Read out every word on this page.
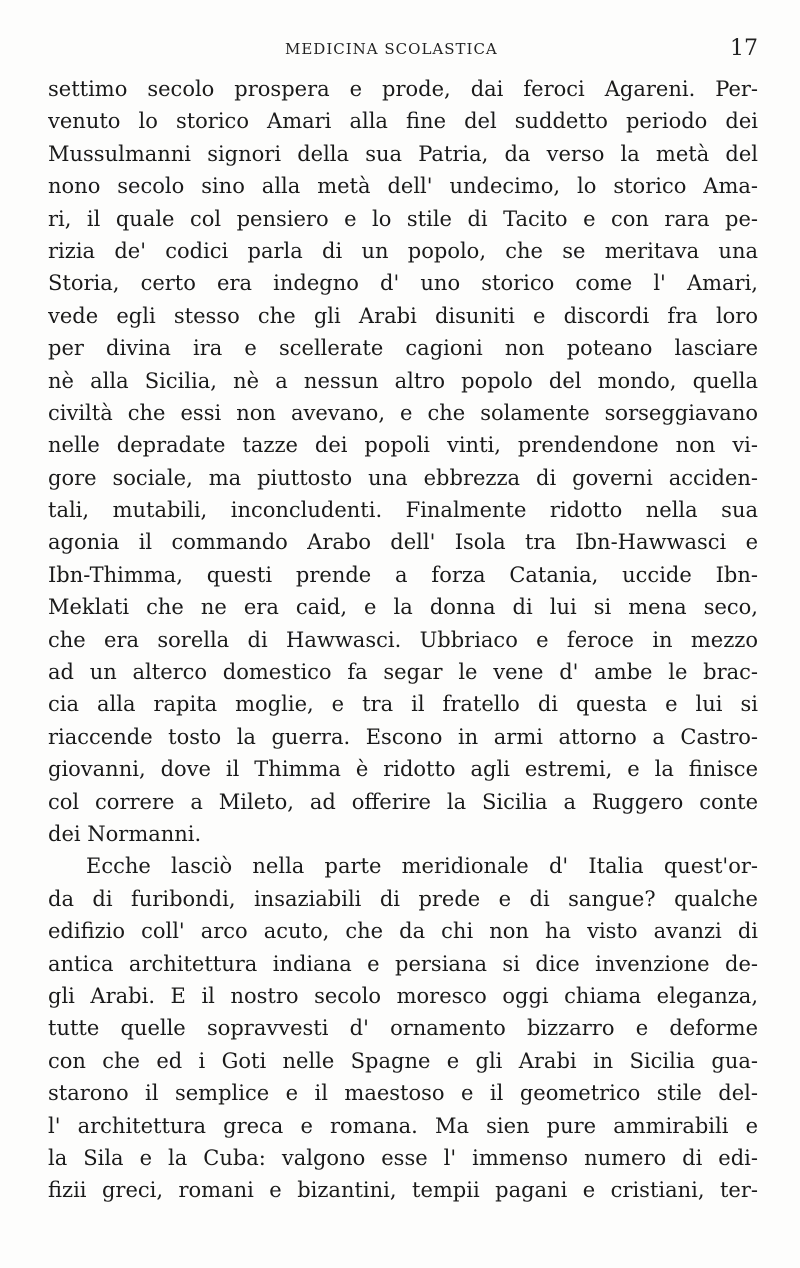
MEDICINA SCOLASTICA	17
settimo secolo prospera e prode, dai feroci Agareni. Per-
venuto lo storico Amari alla fine del suddetto periodo dei
Mussulmanni signori della sua Patria, da verso la metà del
nono secolo sino alla metà dell' undecimo, lo storico Ama-
ri, il quale col pensiero e lo stile di Tacito e con rara pe-
rizia de' codici parla di un popolo, che se meritava una
Storia, certo era indegno d' uno storico come l' Amari,
vede egli stesso che gli Arabi disuniti e discordi fra loro
per divina ira e scellerate cagioni non poteano lasciare
nè alla Sicilia, nè a nessun altro popolo del mondo, quella
civiltà che essi non avevano, e che solamente sorseggiavano
nelle depradate tazze dei popoli vinti, prendendone non vi-
gore sociale, ma piuttosto una ebbrezza di governi acciden-
tali, mutabili, inconcludenti. Finalmente ridotto nella sua
agonia il commando Arabo dell' Isola tra Ibn-Hawwasci e
Ibn-Thimma, questi prende a forza Catania, uccide Ibn-
Meklati che ne era caid, e la donna di lui si mena seco,
che era sorella di Hawwasci. Ubbriaco e feroce in mezzo
ad un alterco domestico fa segar le vene d' ambe le brac-
cia alla rapita moglie, e tra il fratello di questa e lui si
riaccende tosto la guerra. Escono in armi attorno a Castro-
giovanni, dove il Thimma è ridotto agli estremi, e la finisce
col correre a Mileto, ad offerire la Sicilia a Ruggero conte
dei Normanni.
Ecche lasciò nella parte meridionale d' Italia quest'or-
da di furibondi, insaziabili di prede e di sangue? qualche
edifizio coll' arco acuto, che da chi non ha visto avanzi di
antica architettura indiana e persiana si dice invenzione de-
gli Arabi. E il nostro secolo moresco oggi chiama eleganza,
tutte quelle sopravvesti d' ornamento bizzarro e deforme
con che ed i Goti nelle Spagne e gli Arabi in Sicilia gua-
starono il semplice e il maestoso e il geometrico stile del-
l' architettura greca e romana. Ma sien pure ammirabili e
la Sila e la Cuba: valgono esse l' immenso numero di edi-
fizii greci, romani e bizantini, tempii pagani e cristiani, ter-
